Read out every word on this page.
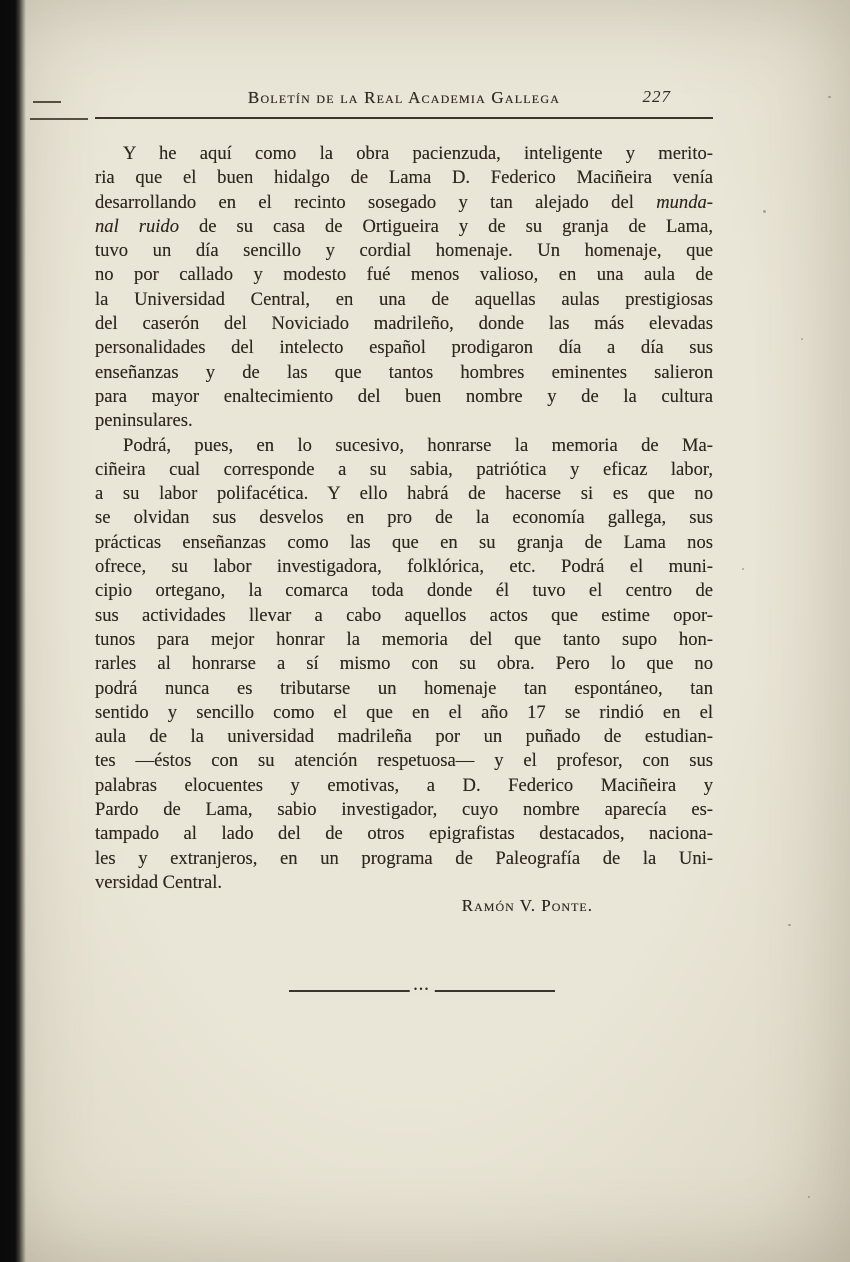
Boletín de la Real Academia Gallega	227
Y he aquí como la obra pacienzuda, inteligente y merito-
ria que el buen hidalgo de Lama D. Federico Maciñeira venía
desarrollando en el recinto sosegado y tan alejado del munda-
nal ruido de su casa de Ortigueira y de su granja de Lama,
tuvo un día sencillo y cordial homenaje. Un homenaje, que
no por callado y modesto fué menos valioso, en una aula de
la Universidad Central, en una de aquellas aulas prestigiosas
del caserón del Noviciado madrileño, donde las más elevadas
personalidades del intelecto español prodigaron día a día sus
enseñanzas y de las que tantos hombres eminentes salieron
para mayor enaltecimiento del buen nombre y de la cultura
peninsulares.
Podrá, pues, en lo sucesivo, honrarse la memoria de Ma-
ciñeira cual corresponde a su sabia, patriótica y eficaz labor,
a su labor polifacética. Y ello habrá de hacerse si es que no
se olvidan sus desvelos en pro de la economía gallega, sus
prácticas enseñanzas como las que en su granja de Lama nos
ofrece, su labor investigadora, folklórica, etc. Podrá el muni-
cipio ortegano, la comarca toda donde él tuvo el centro de
sus actividades llevar a cabo aquellos actos que estime opor-
tunos para mejor honrar la memoria del que tanto supo hon-
rarles al honrarse a sí mismo con su obra. Pero lo que no
podrá nunca es tributarse un homenaje tan espontáneo, tan
sentido y sencillo como el que en el año 17 se rindió en el
aula de la universidad madrileña por un puñado de estudian-
tes —éstos con su atención respetuosa— y el profesor, con sus
palabras elocuentes y emotivas, a D. Federico Maciñeira y
Pardo de Lama, sabio investigador, cuyo nombre aparecía es-
tampado al lado del de otros epigrafistas destacados, naciona-
les y extranjeros, en un programa de Paleografía de la Uni-
versidad Central.
Ramón V. Ponte.
•••
